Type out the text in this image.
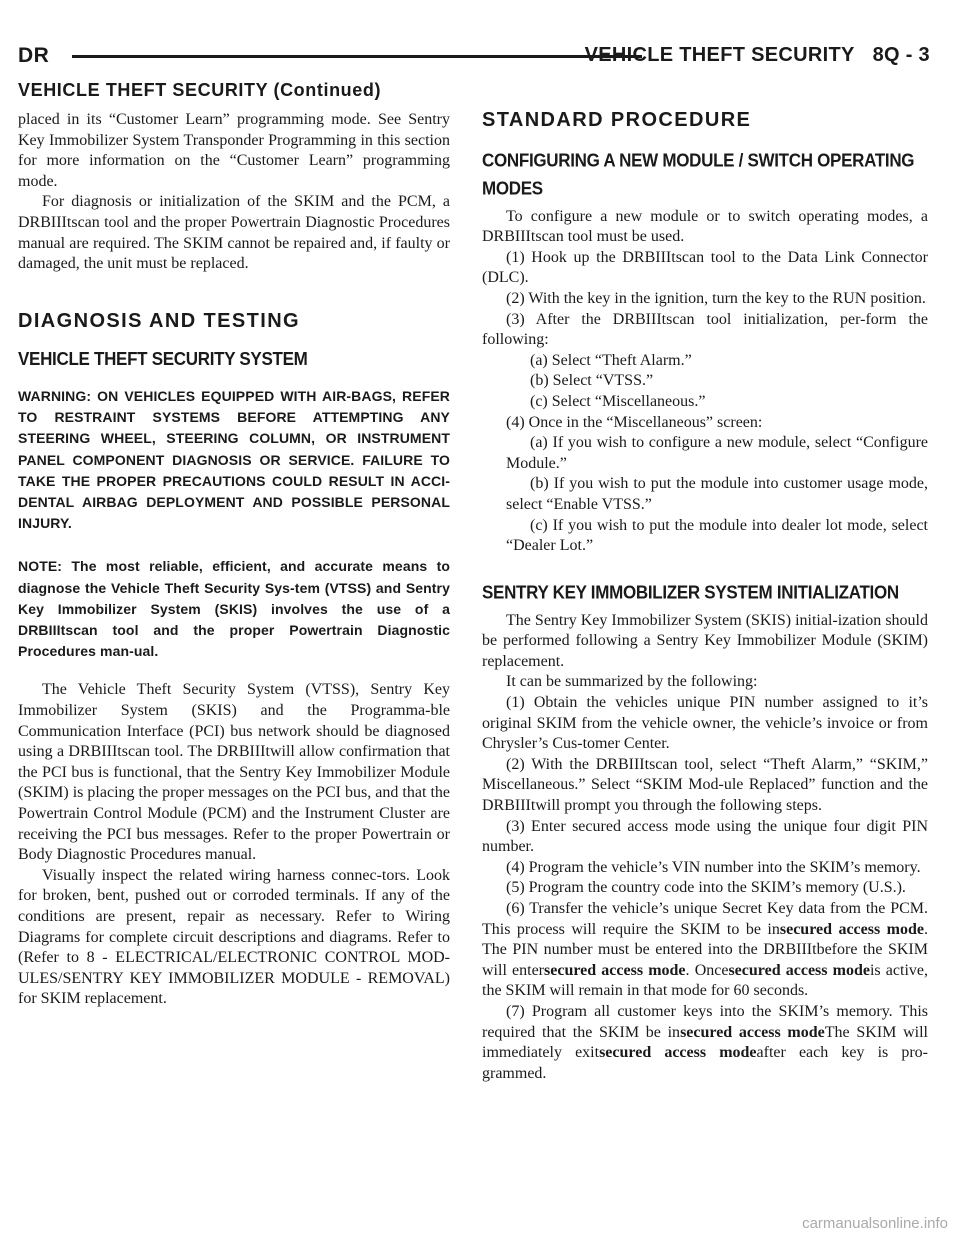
DR	VEHICLE THEFT SECURITY 8Q - 3
VEHICLE THEFT SECURITY (Continued)

placed in its “Customer Learn” programming mode. See Sentry Key Immobilizer System Transponder Programming in this section for more information on the “Customer Learn” programming mode.

For diagnosis or initialization of the SKIM and the PCM, a DRBIIItscan tool and the proper Powertrain Diagnostic Procedures manual are required. The SKIM cannot be repaired and, if faulty or damaged, the unit must be replaced.

DIAGNOSIS AND TESTING
VEHICLE THEFT SECURITY SYSTEM

WARNING: ON VEHICLES EQUIPPED WITH AIR-BAGS, REFER TO RESTRAINT SYSTEMS BEFORE ATTEMPTING ANY STEERING WHEEL, STEERING COLUMN, OR INSTRUMENT PANEL COMPONENT DIAGNOSIS OR SERVICE. FAILURE TO TAKE THE PROPER PRECAUTIONS COULD RESULT IN ACCI-DENTAL AIRBAG DEPLOYMENT AND POSSIBLE PERSONAL INJURY.

NOTE: The most reliable, efficient, and accurate means to diagnose the Vehicle Theft Security Sys-tem (VTSS) and Sentry Key Immobilizer System (SKIS) involves the use of a DRBIIItscan tool and the proper Powertrain Diagnostic Procedures man-ual.

The Vehicle Theft Security System (VTSS), Sentry Key Immobilizer System (SKIS) and the Programma-ble Communication Interface (PCI) bus network should be diagnosed using a DRBIIItscan tool. The DRBIIItwill allow confirmation that the PCI bus is functional, that the Sentry Key Immobilizer Module (SKIM) is placing the proper messages on the PCI bus, and that the Powertrain Control Module (PCM) and the Instrument Cluster are receiving the PCI bus messages. Refer to the proper Powertrain or Body Diagnostic Procedures manual.

Visually inspect the related wiring harness connec-tors. Look for broken, bent, pushed out or corroded terminals. If any of the conditions are present, repair as necessary. Refer to Wiring Diagrams for complete circuit descriptions and diagrams. Refer to (Refer to 8 - ELECTRICAL/ELECTRONIC CONTROL MOD-ULES/SENTRY KEY IMMOBILIZER MODULE - REMOVAL) for SKIM replacement.

STANDARD PROCEDURE
CONFIGURING A NEW MODULE / SWITCH OPERATING MODES

To configure a new module or to switch operating modes, a DRBIIItscan tool must be used.

(1) Hook up the DRBIIItscan tool to the Data Link Connector (DLC).

(2) With the key in the ignition, turn the key to the RUN position.

(3) After the DRBIIItscan tool initialization, per-form the following:

(a) Select “Theft Alarm.”

(b) Select “VTSS.”

(c) Select “Miscellaneous.”

(4) Once in the “Miscellaneous” screen:

(a) If you wish to configure a new module, select “Configure Module.”

(b) If you wish to put the module into customer usage mode, select “Enable VTSS.”

(c) If you wish to put the module into dealer lot mode, select “Dealer Lot.”

SENTRY KEY IMMOBILIZER SYSTEM INITIALIZATION

The Sentry Key Immobilizer System (SKIS) initial-ization should be performed following a Sentry Key Immobilizer Module (SKIM) replacement.

It can be summarized by the following:

(1) Obtain the vehicles unique PIN number assigned to it’s original SKIM from the vehicle owner, the vehicle’s invoice or from Chrysler’s Cus-tomer Center.

(2) With the DRBIIItscan tool, select “Theft Alarm,” “SKIM,” Miscellaneous.” Select “SKIM Mod-ule Replaced” function and the DRBIIItwill prompt you through the following steps.

(3) Enter secured access mode using the unique four digit PIN number.

(4) Program the vehicle’s VIN number into the SKIM’s memory.

(5) Program the country code into the SKIM’s memory (U.S.).

(6) Transfer the vehicle’s unique Secret Key data from the PCM. This process will require the SKIM to be insecured access mode. The PIN number must be entered into the DRBIIItbefore the SKIM will entersecured access mode. Oncesecured access modeis active, the SKIM will remain in that mode for 60 seconds.

(7) Program all customer keys into the SKIM’s memory. This required that the SKIM be insecured access modeThe SKIM will immediately exitsecured access modeafter each key is pro-grammed.

carmanualsonline.info
